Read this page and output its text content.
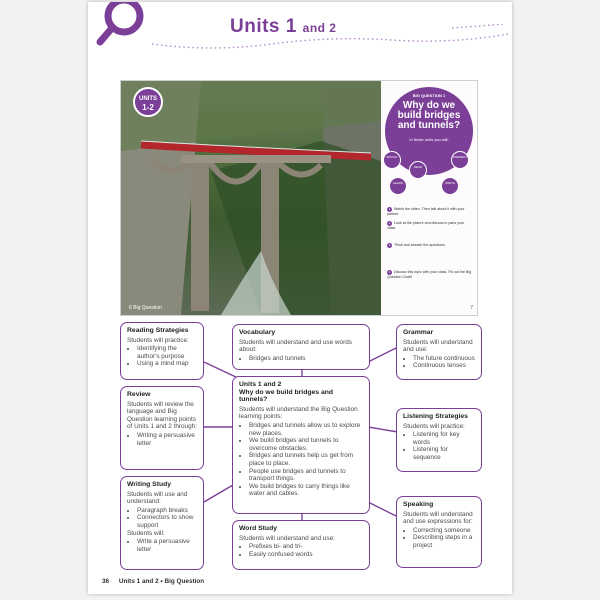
Units 1 and 2
UNITS
1-2
6 Big Question
BIG QUESTION 1
Why do we build bridges and tunnels?
In these units you will:
WATCH
READ
PRESENT
LEARN	WRITE
1 Watch the video. Then talk about it with your partner.
2 Look at the picture and discuss in pairs your class.
3 Think and answer the questions.
4 Discuss this topic with your class. Fill out the Big Question Chart!
7
Reading Strategies

Students will practice:

• Identifying the author's purpose
• Using a mind map
Review

Students will review the language and Big Question learning points of Units 1 and 2 through:

• Writing a persuasive letter
Writing Study

Students will use and understand:

• Paragraph breaks
• Connectors to show support

Students will:

• Write a persuasive letter
Vocabulary

Students will understand and use words about:

• Bridges and tunnels
Units 1 and 2
Why do we build bridges and tunnels?

Students will understand the Big Question learning points:

• Bridges and tunnels allow us to explore new places.
• We build bridges and tunnels to overcome obstacles.
• Bridges and tunnels help us get from place to place.
• People use bridges and tunnels to transport things.
• We build bridges to carry things like water and cables.
Word Study

Students will understand and use:

• Prefixes bi- and tri-
• Easily confused words
Grammar

Students will understand and use:

• The future continuous
• Continuous tenses
Listening Strategies

Students will practice:

• Listening for key words
• Listening for sequence
Speaking

Students will understand and use expressions for:

• Correcting someone
• Describing steps in a project
36 Units 1 and 2 • Big Question
